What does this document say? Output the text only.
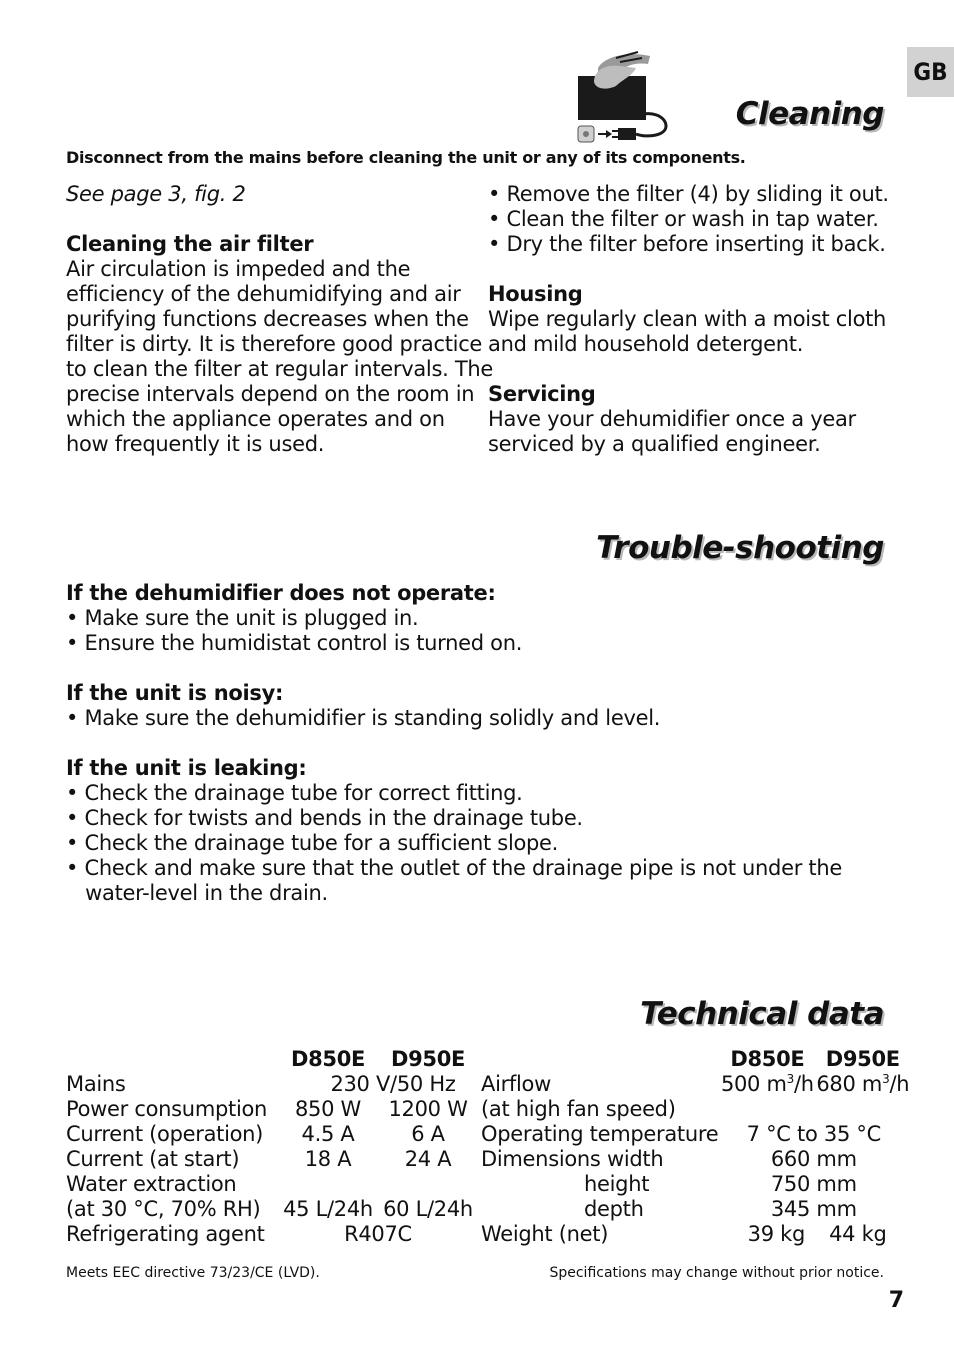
GB
Cleaning
Disconnect from the mains before cleaning the unit or any of its components.
See page 3, fig. 2

Cleaning the air filter
Air circulation is impeded and the
efficiency of the dehumidifying and air
purifying functions decreases when the
filter is dirty. It is therefore good practice
to clean the filter at regular intervals. The
precise intervals depend on the room in
which the appliance operates and on
how frequently it is used.
• Remove the filter (4) by sliding it out.
• Clean the filter or wash in tap water.
• Dry the filter before inserting it back.

Housing
Wipe regularly clean with a moist cloth
and mild household detergent.

Servicing
Have your dehumidifier once a year
serviced by a qualified engineer.
Trouble-shooting
If the dehumidifier does not operate:
• Make sure the unit is plugged in.
• Ensure the humidistat control is turned on.

If the unit is noisy:
• Make sure the dehumidifier is standing solidly and level.

If the unit is leaking:
• Check the drainage tube for correct fitting.
• Check for twists and bends in the drainage tube.
• Check the drainage tube for a sufficient slope.
• Check and make sure that the outlet of the drainage pipe is not under the
water-level in the drain.
Technical data
	D850E	D950E
Mains	230 V/50 Hz	
Power consumption	850 W	1200 W
Current (operation)	4.5 A	6 A
Current (at start)	18 A	24 A
Water extraction		
(at 30 °C, 70% RH)	45 L/24h	60 L/24h
Refrigerating agent	R407C	
	D850E	D950E
Airflow	500 $m^3/h$	680 $m^3/h$
(at high fan speed)		
Operating temperature	7 °C to 35 °C	
Dimensions width	660 mm	
height	750 mm	
depth	345 mm	
Weight (net)	39 kg	44 kg
Meets EEC directive 73/23/CE (LVD).	Specifications may change without prior notice.
7
